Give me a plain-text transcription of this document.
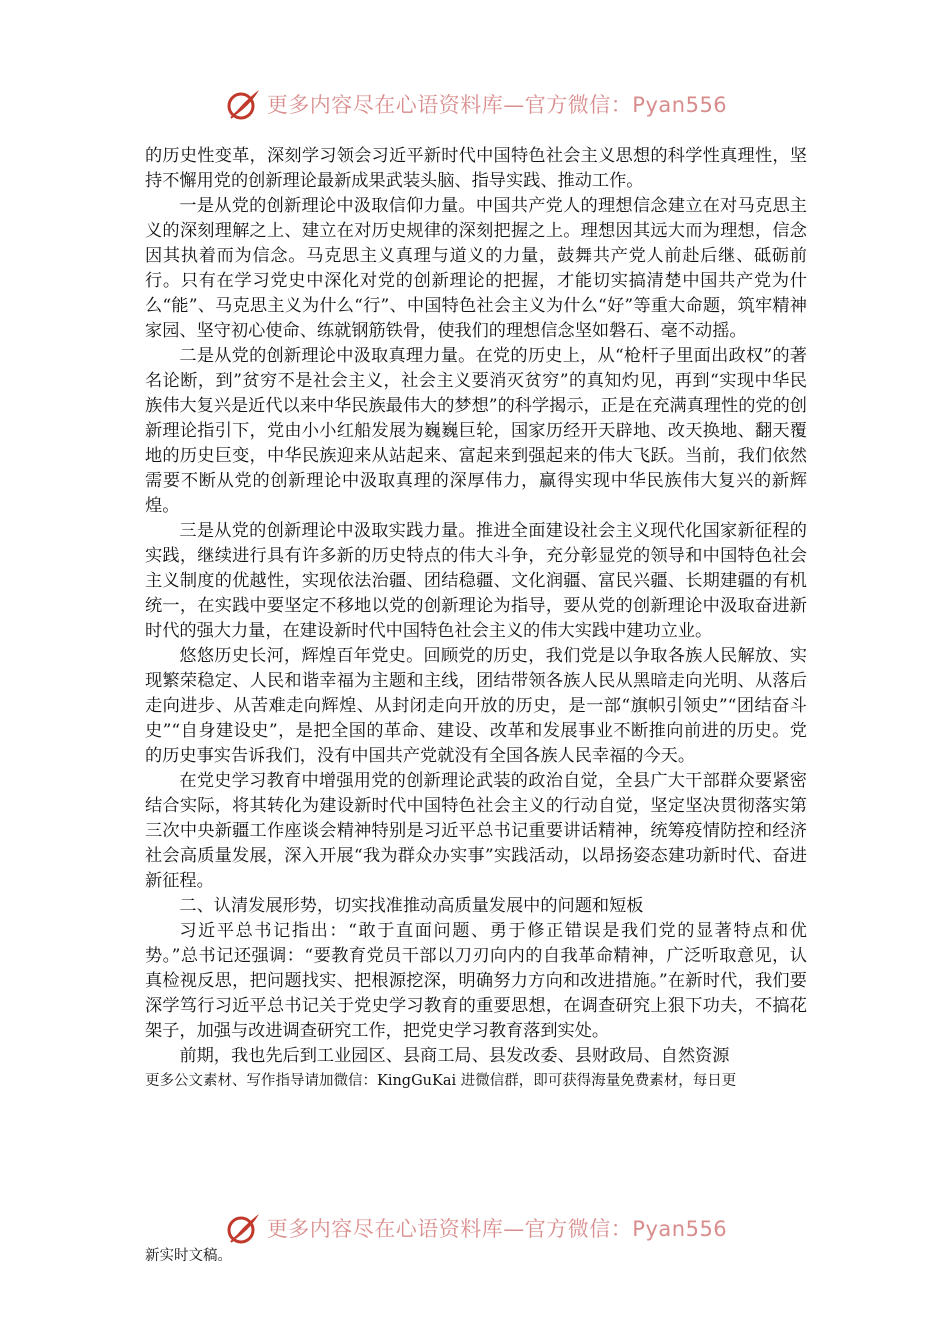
更多内容尽在心语资料库—官方微信：Pyan556

的历史性变革，深刻学习领会习近平新时代中国特色社会主义思想的科学性真理性，坚持不懈用党的创新理论最新成果武装头脑、指导实践、推动工作。

一是从党的创新理论中汲取信仰力量。中国共产党人的理想信念建立在对马克思主义的深刻理解之上、建立在对历史规律的深刻把握之上。理想因其远大而为理想，信念因其执着而为信念。马克思主义真理与道义的力量，鼓舞共产党人前赴后继、砥砺前行。只有在学习党史中深化对党的创新理论的把握，才能切实搞清楚中国共产党为什么“能”、马克思主义为什么“行”、中国特色社会主义为什么“好”等重大命题，筑牢精神家园、坚守初心使命、练就钢筋铁骨，使我们的理想信念坚如磐石、毫不动摇。

二是从党的创新理论中汲取真理力量。在党的历史上，从“枪杆子里面出政权”的著名论断，到”贫穷不是社会主义，社会主义要消灭贫穷”的真知灼见，再到“实现中华民族伟大复兴是近代以来中华民族最伟大的梦想”的科学揭示，正是在充满真理性的党的创新理论指引下，党由小小红船发展为巍巍巨轮，国家历经开天辟地、改天换地、翻天覆地的历史巨变，中华民族迎来从站起来、富起来到强起来的伟大飞跃。当前，我们依然需要不断从党的创新理论中汲取真理的深厚伟力，赢得实现中华民族伟大复兴的新辉煌。

三是从党的创新理论中汲取实践力量。推进全面建设社会主义现代化国家新征程的实践，继续进行具有许多新的历史特点的伟大斗争，充分彰显党的领导和中国特色社会主义制度的优越性，实现依法治疆、团结稳疆、文化润疆、富民兴疆、长期建疆的有机统一，在实践中要坚定不移地以党的创新理论为指导，要从党的创新理论中汲取奋进新时代的强大力量，在建设新时代中国特色社会主义的伟大实践中建功立业。

悠悠历史长河，辉煌百年党史。回顾党的历史，我们党是以争取各族人民解放、实现繁荣稳定、人民和谐幸福为主题和主线，团结带领各族人民从黑暗走向光明、从落后走向进步、从苦难走向辉煌、从封闭走向开放的历史，是一部“旗帜引领史”“团结奋斗史”“自身建设史”，是把全国的革命、建设、改革和发展事业不断推向前进的历史。党的历史事实告诉我们，没有中国共产党就没有全国各族人民幸福的今天。

在党史学习教育中增强用党的创新理论武装的政治自觉，全县广大干部群众要紧密结合实际，将其转化为建设新时代中国特色社会主义的行动自觉，坚定坚决贯彻落实第三次中央新疆工作座谈会精神特别是习近平总书记重要讲话精神，统筹疫情防控和经济社会高质量发展，深入开展“我为群众办实事”实践活动，以昂扬姿态建功新时代、奋进新征程。

二、认清发展形势，切实找准推动高质量发展中的问题和短板

习近平总书记指出：“敢于直面问题、勇于修正错误是我们党的显著特点和优势。”总书记还强调：“要教育党员干部以刀刃向内的自我革命精神，广泛听取意见，认真检视反思，把问题找实、把根源挖深，明确努力方向和改进措施。”在新时代，我们要深学笃行习近平总书记关于党史学习教育的重要思想，在调查研究上狠下功夫，不搞花架子，加强与改进调查研究工作，把党史学习教育落到实处。

前期，我也先后到工业园区、县商工局、县发改委、县财政局、自然资源

更多公文素材、写作指导请加微信：KingGuKai 进微信群，即可获得海量免费素材，每日更

更多内容尽在心语资料库—官方微信：Pyan556
新实时文稿。
